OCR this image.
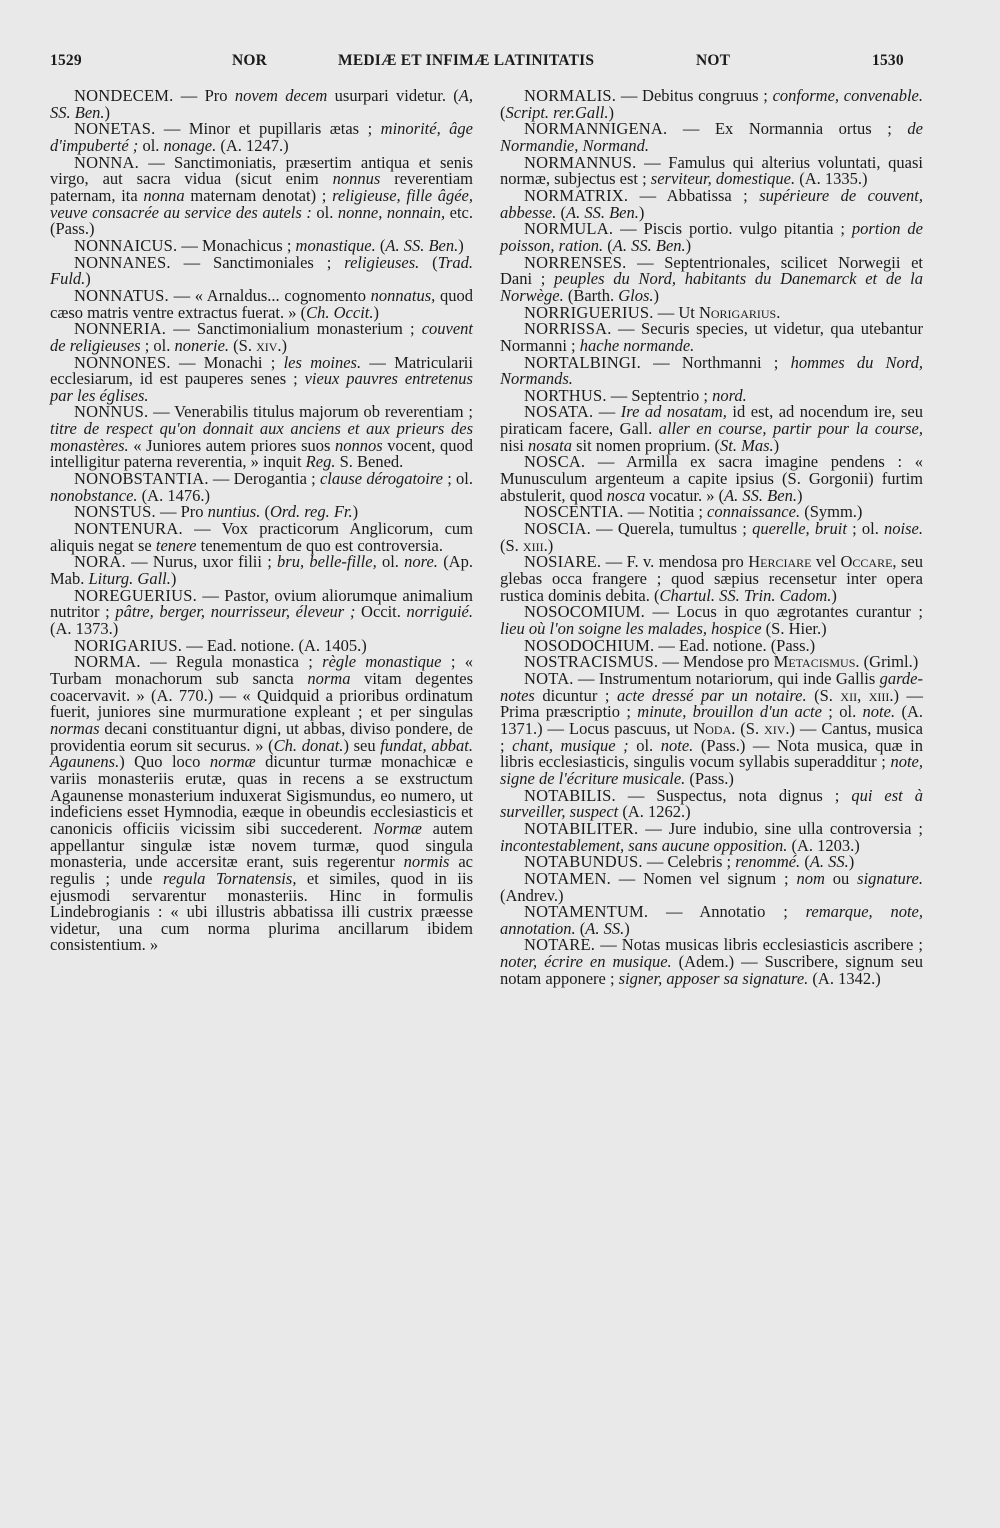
1529	NOR	MEDIÆ ET INFIMÆ LATINITATIS	NOT	1530

NONDECEM. — Pro novem decem usurpari videtur. (A, SS. Ben.)

NONETAS. — Minor et pupillaris ætas ; minorité, âge d'impuberté ; ol. nonage. (A. 1247.)

NONNA. — Sanctimoniatis, præsertim antiqua et senis virgo, aut sacra vidua (sicut enim nonnus reverentiam paternam, ita nonna maternam denotat) ; religieuse, fille âgée, veuve consacrée au service des autels : ol. nonne, nonnain, etc. (Pass.)

NONNAICUS. — Monachicus ; monastique. (A. SS. Ben.)

NONNANES. — Sanctimoniales ; religieuses. (Trad. Fuld.)

NONNATUS. — « Arnaldus... cognomento nonnatus, quod cæso matris ventre extractus fuerat. » (Ch. Occit.)

NONNERIA. — Sanctimonialium monasterium ; couvent de religieuses ; ol. nonerie. (S. xiv.)

NONNONES. — Monachi ; les moines. — Matricularii ecclesiarum, id est pauperes senes ; vieux pauvres entretenus par les églises.

NONNUS. — Venerabilis titulus majorum ob reverentiam ; titre de respect qu'on donnait aux anciens et aux prieurs des monastères. « Juniores autem priores suos nonnos vocent, quod intelligitur paterna reverentia, » inquit Reg. S. Bened.

NONOBSTANTIA. — Derogantia ; clause dérogatoire ; ol. nonobstance. (A. 1476.)

NONSTUS. — Pro nuntius. (Ord. reg. Fr.)

NONTENURA. — Vox practicorum Anglicorum, cum aliquis negat se tenere tenementum de quo est controversia.

NORA. — Nurus, uxor filii ; bru, belle-fille, ol. nore. (Ap. Mab. Liturg. Gall.)

NOREGUERIUS. — Pastor, ovium aliorumque animalium nutritor ; pâtre, berger, nourrisseur, éleveur ; Occit. norriguié. (A. 1373.)

NORIGARIUS. — Ead. notione. (A. 1405.)

NORMA. — Regula monastica ; règle monastique ; « Turbam monachorum sub sancta norma vitam degentes coacervavit. » (A. 770.) — « Quidquid a prioribus ordinatum fuerit, juniores sine murmuratione expleant ; et per singulas normas decani constituantur digni, ut abbas, diviso pondere, de providentia eorum sit securus. » (Ch. donat.) seu fundat, abbat. Agaunens.) Quo loco normæ dicuntur turmæ monachicæ e variis monasteriis erutæ, quas in recens a se exstructum Agaunense monasterium induxerat Sigismundus, eo numero, ut indeficiens esset Hymnodia, eæque in obeundis ecclesiasticis et canonicis officiis vicissim sibi succederent. Normæ autem appellantur singulæ istæ novem turmæ, quod singula monasteria, unde accersitæ erant, suis regerentur normis ac regulis ; unde regula Tornatensis, et similes, quod in iis ejusmodi servarentur monasteriis. Hinc in formulis Lindebrogianis : « ubi illustris abbatissa illi custrix præesse videtur, una cum norma plurima ancillarum ibidem consistentium. »

NORMALIS. — Debitus congruus ; conforme, convenable. (Script. rer.Gall.)

NORMANNIGENA. — Ex Normannia ortus ; de Normandie, Normand.

NORMANNUS. — Famulus qui alterius voluntati, quasi normæ, subjectus est ; serviteur, domestique. (A. 1335.)

NORMATRIX. — Abbatissa ; supérieure de couvent, abbesse. (A. SS. Ben.)

NORMULA. — Piscis portio. vulgo pitantia ; portion de poisson, ration. (A. SS. Ben.)

NORRENSES. — Septentrionales, scilicet Norwegii et Dani ; peuples du Nord, habitants du Danemarck et de la Norwège. (Barth. Glos.)

NORRIGUERIUS. — Ut Norigarius.

NORRISSA. — Securis species, ut videtur, qua utebantur Normanni ; hache normande.

NORTALBINGI. — Northmanni ; hommes du Nord, Normands.

NORTHUS. — Septentrio ; nord.

NOSATA. — Ire ad nosatam, id est, ad nocendum ire, seu piraticam facere, Gall. aller en course, partir pour la course, nisi nosata sit nomen proprium. (St. Mas.)

NOSCA. — Armilla ex sacra imagine pendens : « Munusculum argenteum a capite ipsius (S. Gorgonii) furtim abstulerit, quod nosca vocatur. » (A. SS. Ben.)

NOSCENTIA. — Notitia ; connaissance. (Symm.)

NOSCIA. — Querela, tumultus ; querelle, bruit ; ol. noise. (S. xiii.)

NOSIARE. — F. v. mendosa pro Herciare vel Occare, seu glebas occa frangere ; quod sæpius recensetur inter opera rustica dominis debita. (Chartul. SS. Trin. Cadom.)

NOSOCOMIUM. — Locus in quo ægrotantes curantur ; lieu où l'on soigne les malades, hospice (S. Hier.)

NOSODOCHIUM. — Ead. notione. (Pass.)

NOSTRACISMUS. — Mendose pro Metacismus. (Griml.)

NOTA. — Instrumentum notariorum, qui inde Gallis garde-notes dicuntur ; acte dressé par un notaire. (S. xii, xiii.) — Prima præscriptio ; minute, brouillon d'un acte ; ol. note. (A. 1371.) — Locus pascuus, ut Noda. (S. xiv.) — Cantus, musica ; chant, musique ; ol. note. (Pass.) — Nota musica, quæ in libris ecclesiasticis, singulis vocum syllabis superadditur ; note, signe de l'écriture musicale. (Pass.)

NOTABILIS. — Suspectus, nota dignus ; qui est à surveiller, suspect (A. 1262.)

NOTABILITER. — Jure indubio, sine ulla controversia ; incontestablement, sans aucune opposition. (A. 1203.)

NOTABUNDUS. — Celebris ; renommé. (A. SS.)

NOTAMEN. — Nomen vel signum ; nom ou signature. (Andrev.)

NOTAMENTUM. — Annotatio ; remarque, note, annotation. (A. SS.)

NOTARE. — Notas musicas libris ecclesiasticis ascribere ; noter, écrire en musique. (Adem.) — Suscribere, signum seu notam apponere ; signer, apposer sa signature. (A. 1342.)
